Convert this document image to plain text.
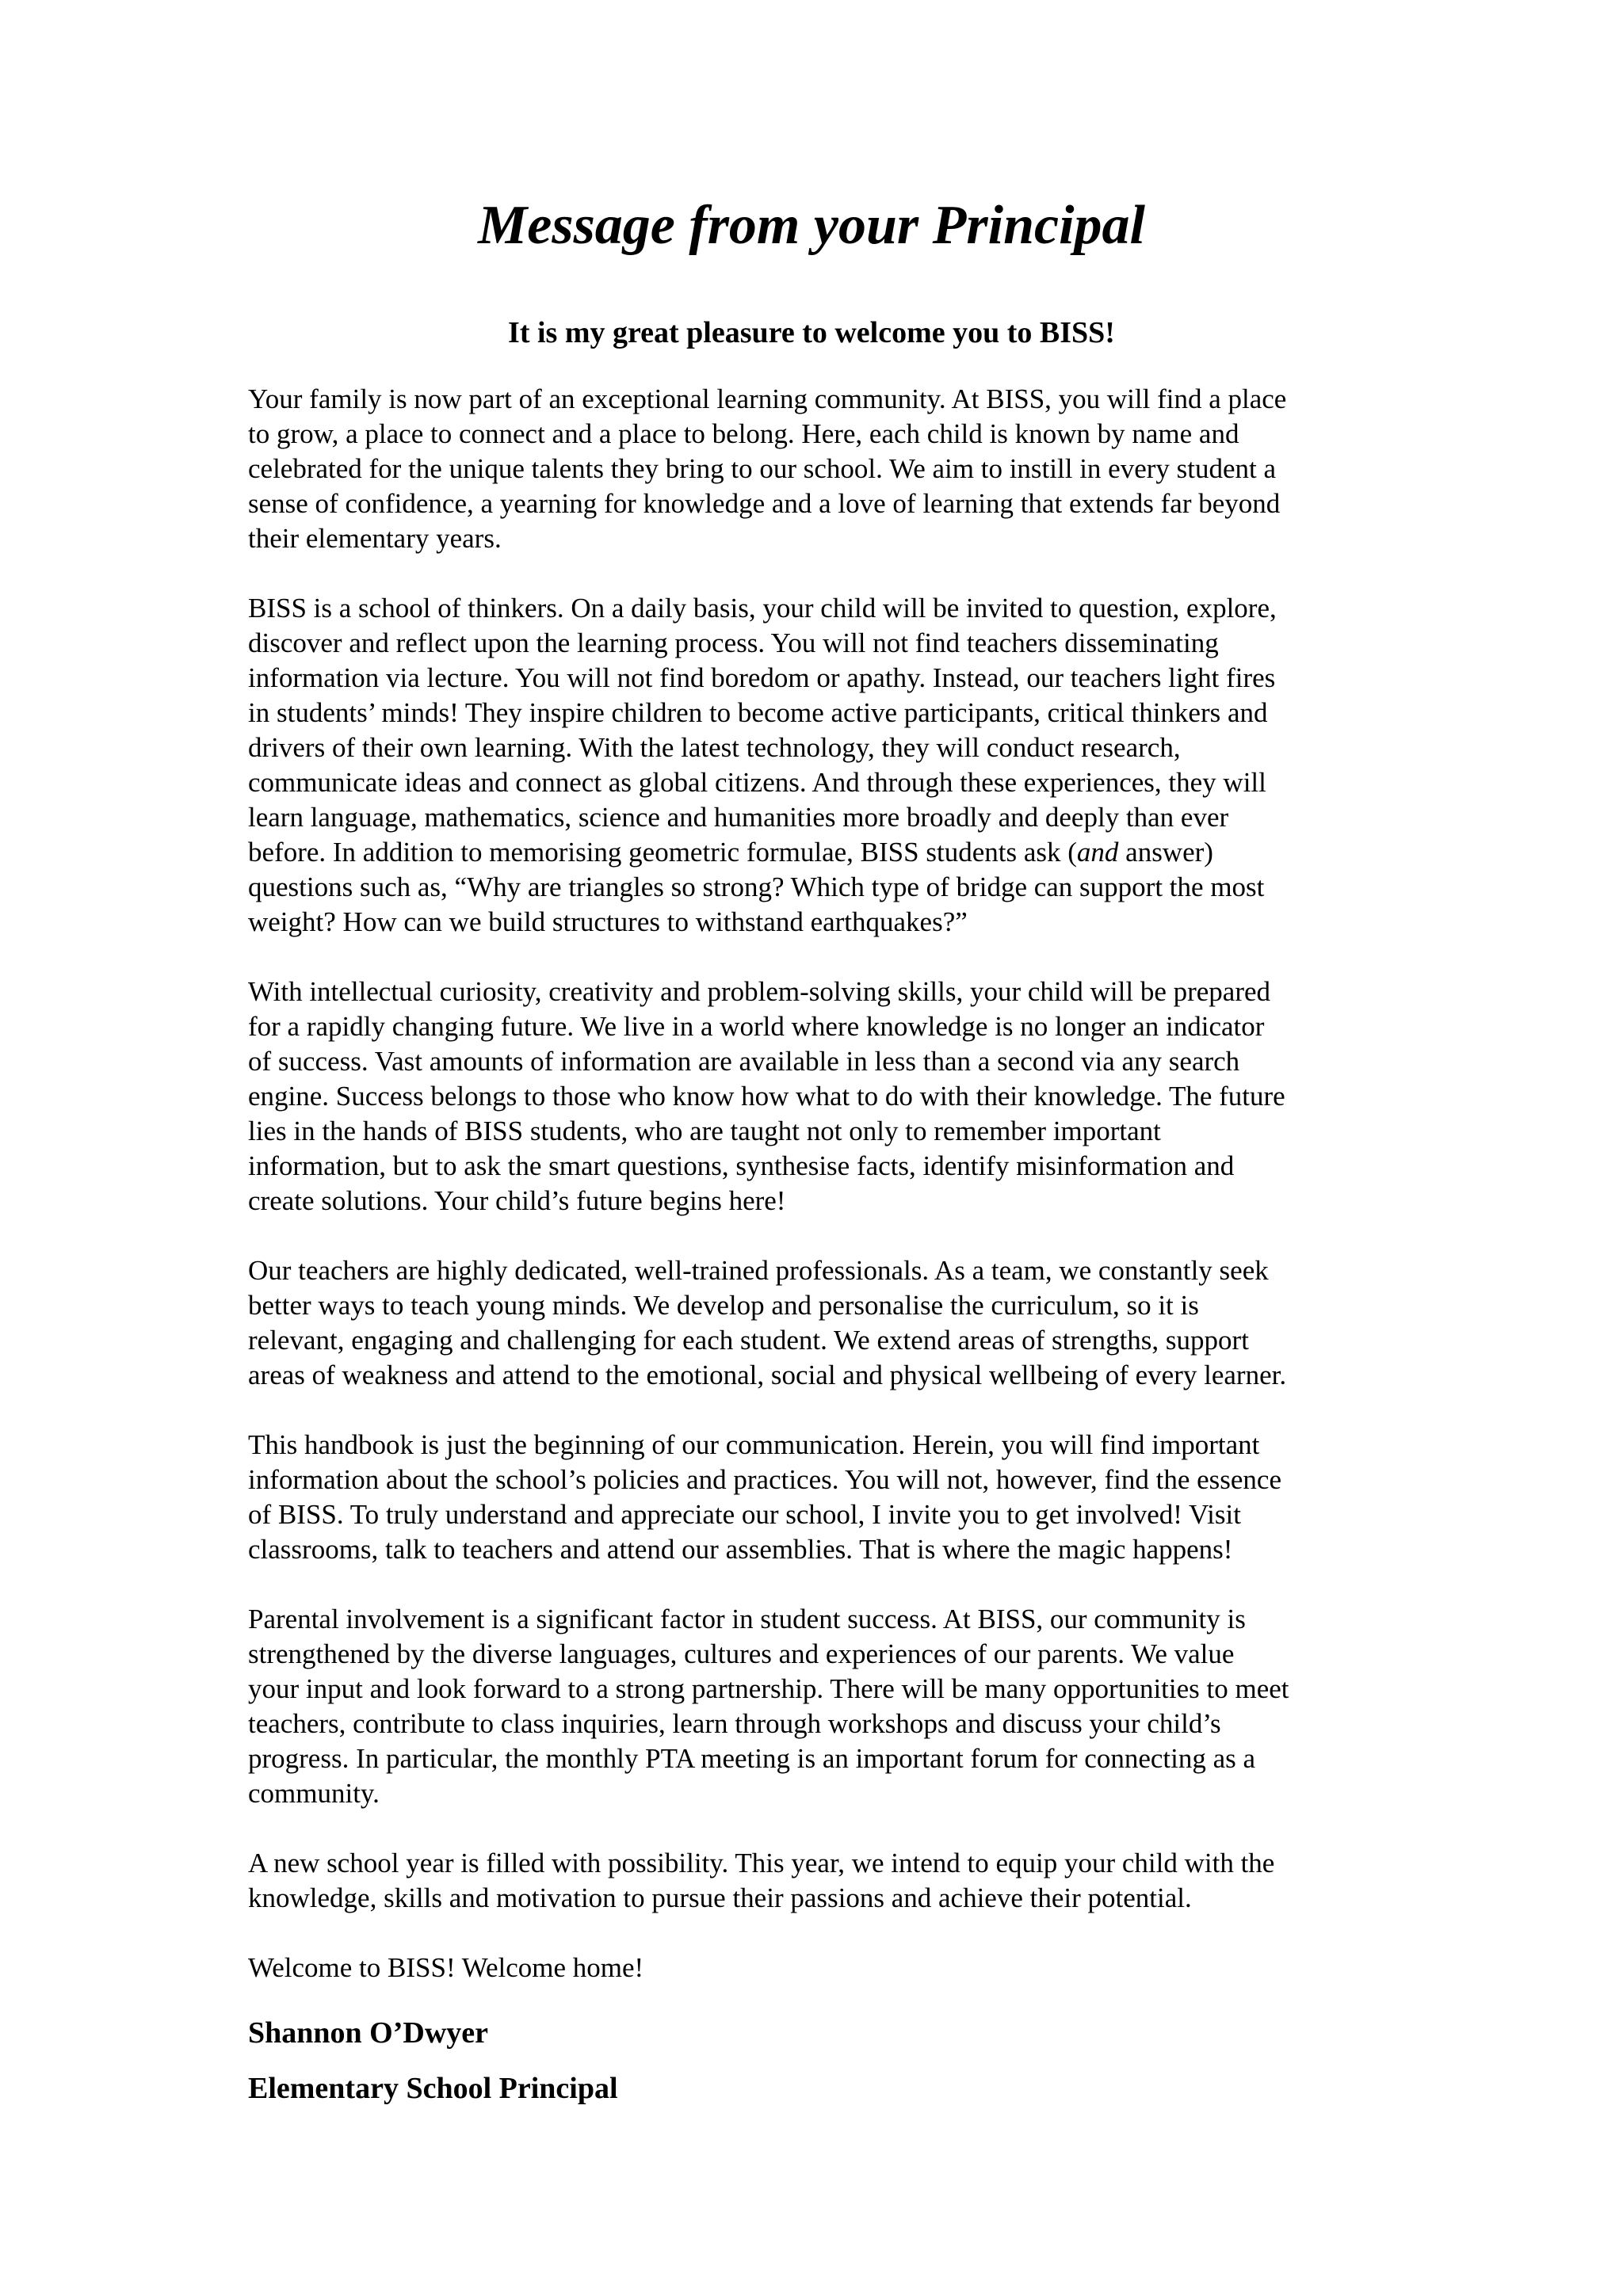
Message from your Principal
It is my great pleasure to welcome you to BISS!

Your family is now part of an exceptional learning community. At BISS, you will find a place
to grow, a place to connect and a place to belong. Here, each child is known by name and
celebrated for the unique talents they bring to our school. We aim to instill in every student a
sense of confidence, a yearning for knowledge and a love of learning that extends far beyond
their elementary years.

BISS is a school of thinkers. On a daily basis, your child will be invited to question, explore,
discover and reflect upon the learning process. You will not find teachers disseminating
information via lecture. You will not find boredom or apathy. Instead, our teachers light fires
in students’ minds! They inspire children to become active participants, critical thinkers and
drivers of their own learning. With the latest technology, they will conduct research,
communicate ideas and connect as global citizens. And through these experiences, they will
learn language, mathematics, science and humanities more broadly and deeply than ever
before. In addition to memorising geometric formulae, BISS students ask (and answer)
questions such as, “Why are triangles so strong? Which type of bridge can support the most
weight? How can we build structures to withstand earthquakes?”

With intellectual curiosity, creativity and problem-solving skills, your child will be prepared
for a rapidly changing future. We live in a world where knowledge is no longer an indicator
of success. Vast amounts of information are available in less than a second via any search
engine. Success belongs to those who know how what to do with their knowledge. The future
lies in the hands of BISS students, who are taught not only to remember important
information, but to ask the smart questions, synthesise facts, identify misinformation and
create solutions. Your child’s future begins here!

Our teachers are highly dedicated, well-trained professionals. As a team, we constantly seek
better ways to teach young minds. We develop and personalise the curriculum, so it is
relevant, engaging and challenging for each student. We extend areas of strengths, support
areas of weakness and attend to the emotional, social and physical wellbeing of every learner.

This handbook is just the beginning of our communication. Herein, you will find important
information about the school’s policies and practices. You will not, however, find the essence
of BISS. To truly understand and appreciate our school, I invite you to get involved! Visit
classrooms, talk to teachers and attend our assemblies. That is where the magic happens!

Parental involvement is a significant factor in student success. At BISS, our community is
strengthened by the diverse languages, cultures and experiences of our parents. We value
your input and look forward to a strong partnership. There will be many opportunities to meet
teachers, contribute to class inquiries, learn through workshops and discuss your child’s
progress. In particular, the monthly PTA meeting is an important forum for connecting as a
community.

A new school year is filled with possibility. This year, we intend to equip your child with the
knowledge, skills and motivation to pursue their passions and achieve their potential.

Welcome to BISS! Welcome home!

Shannon O’Dwyer

Elementary School Principal
